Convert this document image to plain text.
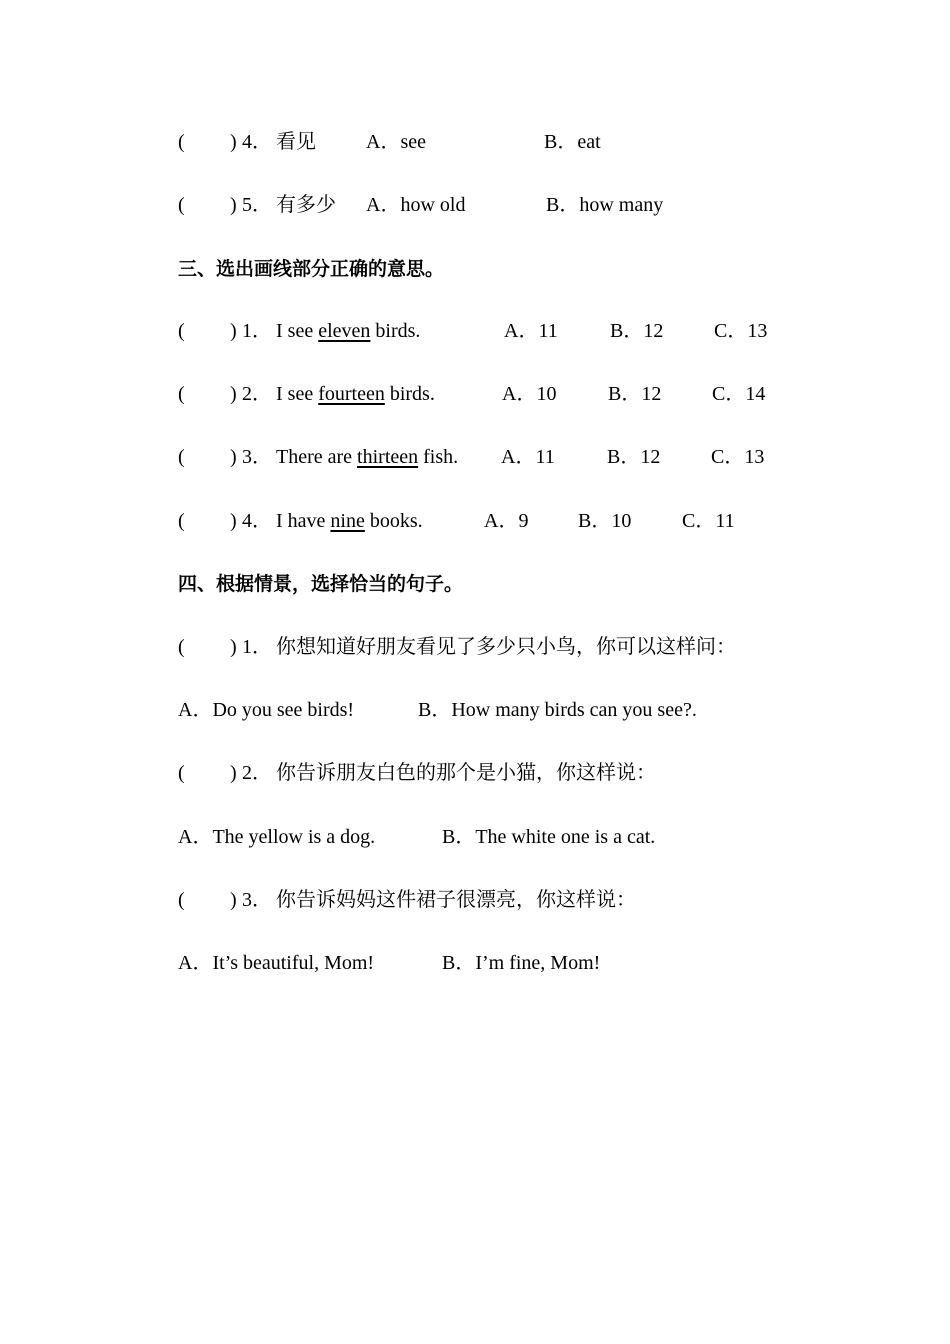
( ) 4． 看见	A．see	B．eat
( ) 5． 有多少 A．how old	B．how many
三、选出画线部分正确的意思。
( ) 1． I see eleven birds.	A．11	B．12	C．13
( ) 2． I see fourteen birds.	A．10	B．12	C．14
( ) 3． There are thirteen fish. A．11	B．12	C．13
( ) 4． I have nine books.	A．9 B．10	C．11
四、根据情景，选择恰当的句子。
( ) 1． 你想知道好朋友看见了多少只小鸟，你可以这样问：
A．Do you see birds!	B．How many birds can you see?.
( ) 2． 你告诉朋友白色的那个是小猫，你这样说：
A．The yellow is a dog.	B．The white one is a cat.
( ) 3． 你告诉妈妈这件裙子很漂亮，你这样说：
A．It’s beautiful, Mom!	B．I’m fine, Mom!
